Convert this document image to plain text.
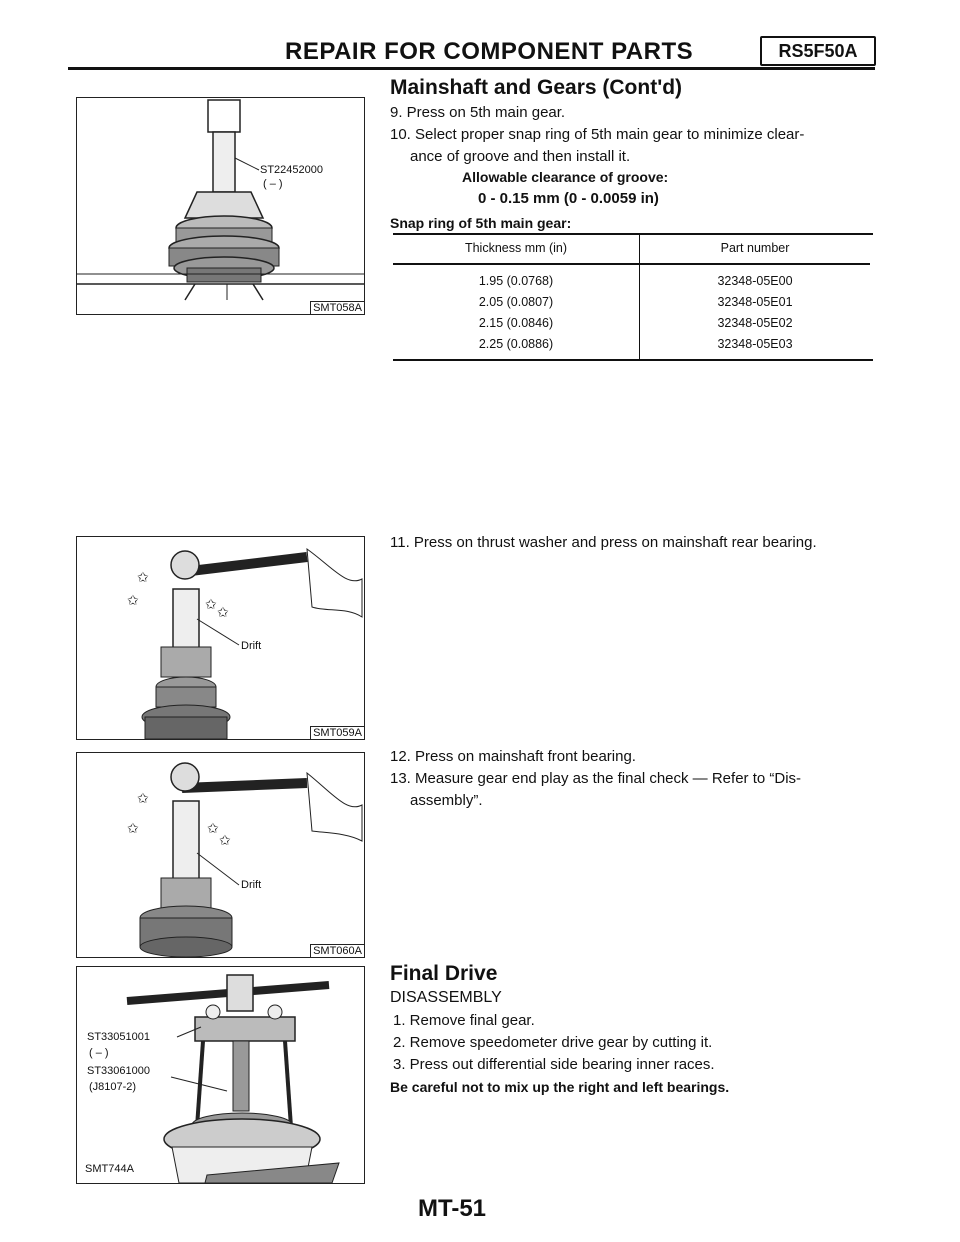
REPAIR FOR COMPONENT PARTS	RS5F50A
ST22452000
( – )
SMT058A
✩
✩	✩ ✩
Drift
SMT059A
✩
✩	✩
✩
Drift
SMT060A
ST33051001
( – )
ST33061000
(J8107-2)
SMT744A
Mainshaft and Gears (Cont'd)
9. Press on 5th main gear.
10. Select proper snap ring of 5th main gear to minimize clear-
ance of groove and then install it.
Allowable clearance of groove:
0 - 0.15 mm (0 - 0.0059 in)
Snap ring of 5th main gear:
Thickness mm (in)	Part number
1.95 (0.0768)	32348-05E00
2.05 (0.0807)	32348-05E01
2.15 (0.0846)	32348-05E02
2.25 (0.0886)	32348-05E03
11. Press on thrust washer and press on mainshaft rear bearing.
12. Press on mainshaft front bearing.
13. Measure gear end play as the final check — Refer to “Dis-
assembly”.
Final Drive
DISASSEMBLY
1. Remove final gear.
2. Remove speedometer drive gear by cutting it.
3. Press out differential side bearing inner races.
Be careful not to mix up the right and left bearings.
MT-51
